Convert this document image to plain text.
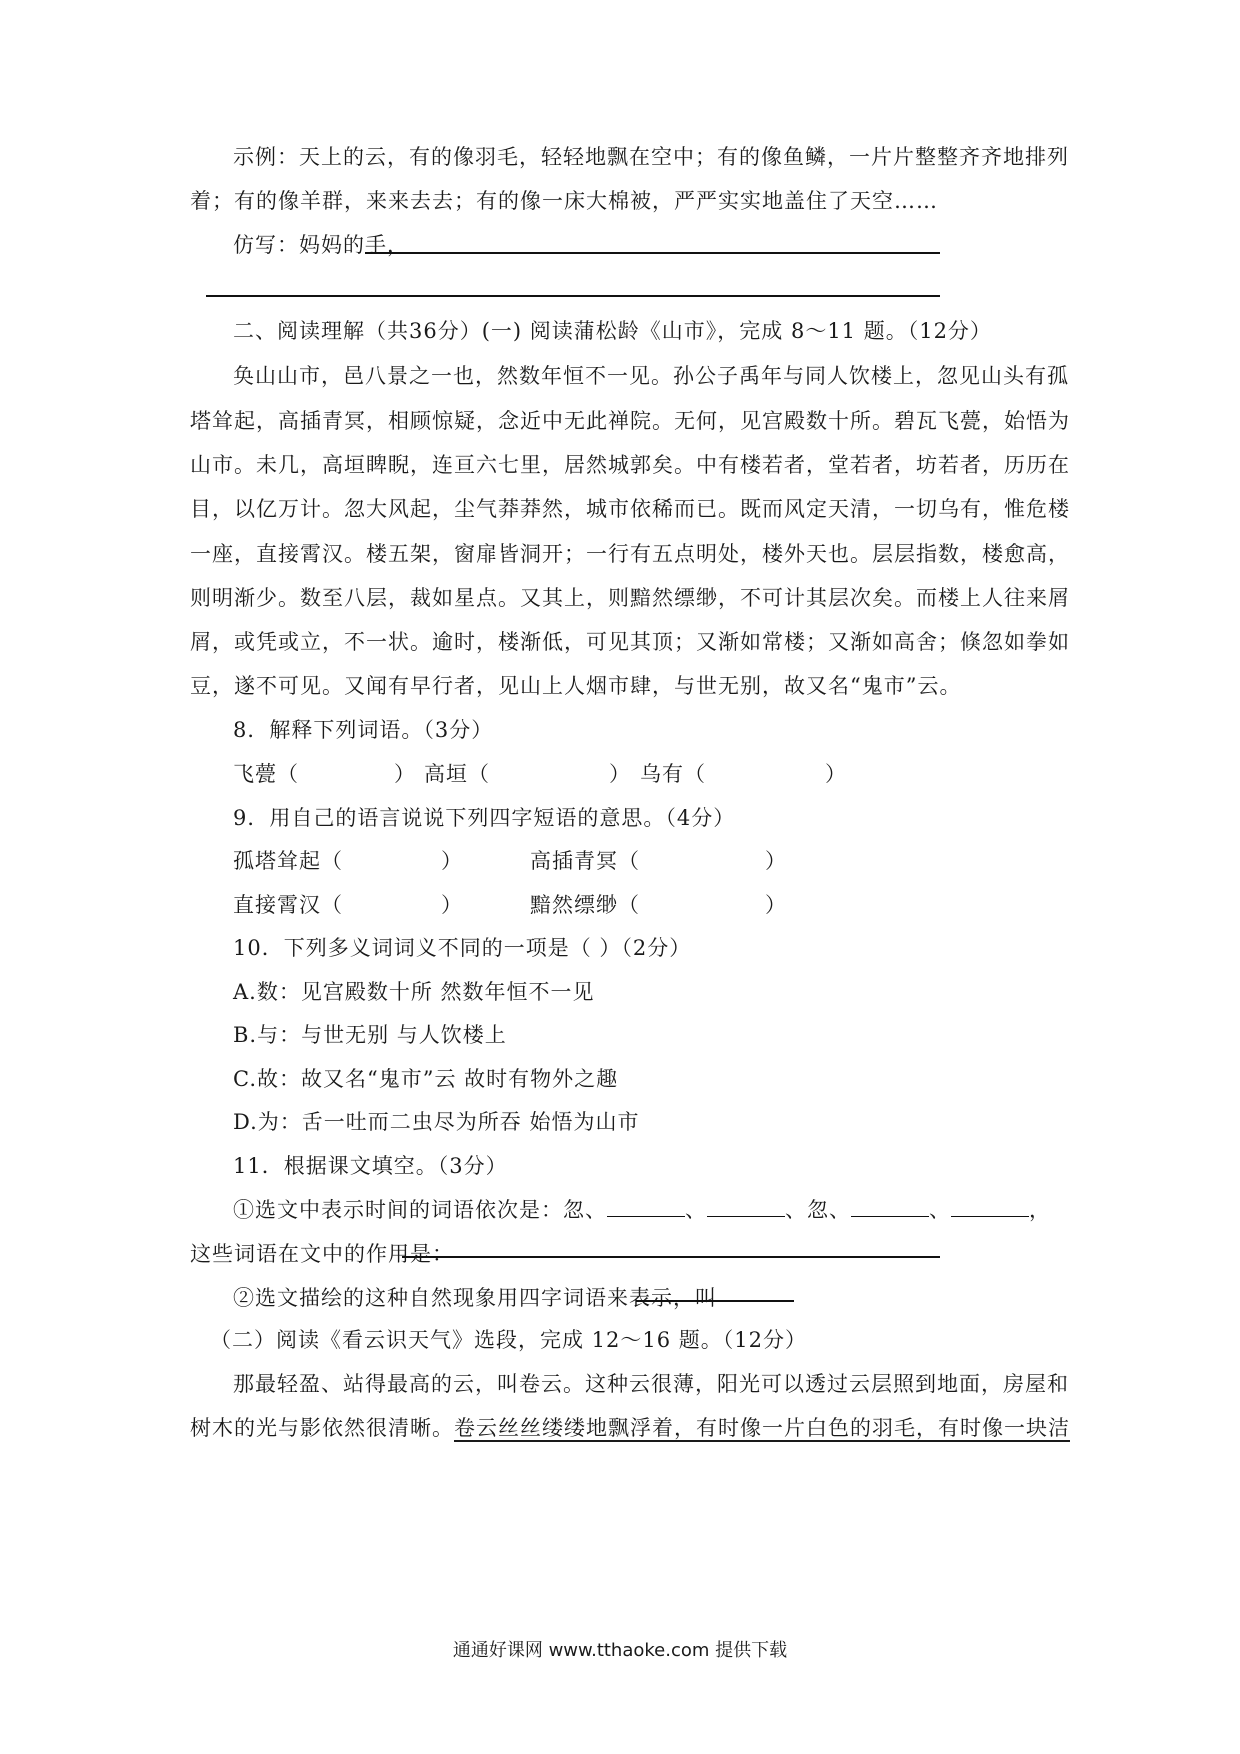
示例：天上的云，有的像羽毛，轻轻地飘在空中；有的像鱼鳞，一片片整整齐齐地排列
着；有的像羊群，来来去去；有的像一床大棉被，严严实实地盖住了天空……
仿写：妈妈的手，
二、阅读理解（共36分）(一) 阅读蒲松龄《山市》，完成 8～11 题。（12分）
奂山山市，邑八景之一也，然数年恒不一见。孙公子禹年与同人饮楼上，忽见山头有孤
塔耸起，高插青冥，相顾惊疑，念近中无此禅院。无何，见宫殿数十所。碧瓦飞甍，始悟为
山市。未几，高垣睥睨，连亘六七里，居然城郭矣。中有楼若者，堂若者，坊若者，历历在
目，以亿万计。忽大风起，尘气莽莽然，城市依稀而已。既而风定天清，一切乌有，惟危楼
一座，直接霄汉。楼五架，窗扉皆洞开；一行有五点明处，楼外天也。层层指数，楼愈高，
则明渐少。数至八层，裁如星点。又其上，则黯然缥缈，不可计其层次矣。而楼上人往来屑
屑，或凭或立，不一状。逾时，楼渐低，可见其顶；又渐如常楼；又渐如高舍；倏忽如拳如
豆，遂不可见。又闻有早行者，见山上人烟市肆，与世无别，故又名“鬼市”云。
8．解释下列词语。（3分）
飞甍（	） 高垣（	） 乌有（	）
9．用自己的语言说说下列四字短语的意思。（4分）
孤塔耸起（	）	高插青冥（	）
直接霄汉（	）	黯然缥缈（	）
10．下列多义词词义不同的一项是（ ）（2分）
A.数：见宫殿数十所 然数年恒不一见
B.与：与世无别 与人饮楼上
C.故：故又名“鬼市”云 故时有物外之趣
D.为：舌一吐而二虫尽为所吞 始悟为山市
11．根据课文填空。（3分）
①选文中表示时间的词语依次是：忽、	、	、忽、	、	，
这些词语在文中的作用是：
②选文描绘的这种自然现象用四字词语来表示，叫
（二）阅读《看云识天气》选段，完成 12～16 题。（12分）
那最轻盈、站得最高的云，叫卷云。这种云很薄，阳光可以透过云层照到地面，房屋和
树木的光与影依然很清晰。卷云丝丝缕缕地飘浮着，有时像一片白色的羽毛，有时像一块洁
通通好课网 www.tthaoke.com 提供下载
